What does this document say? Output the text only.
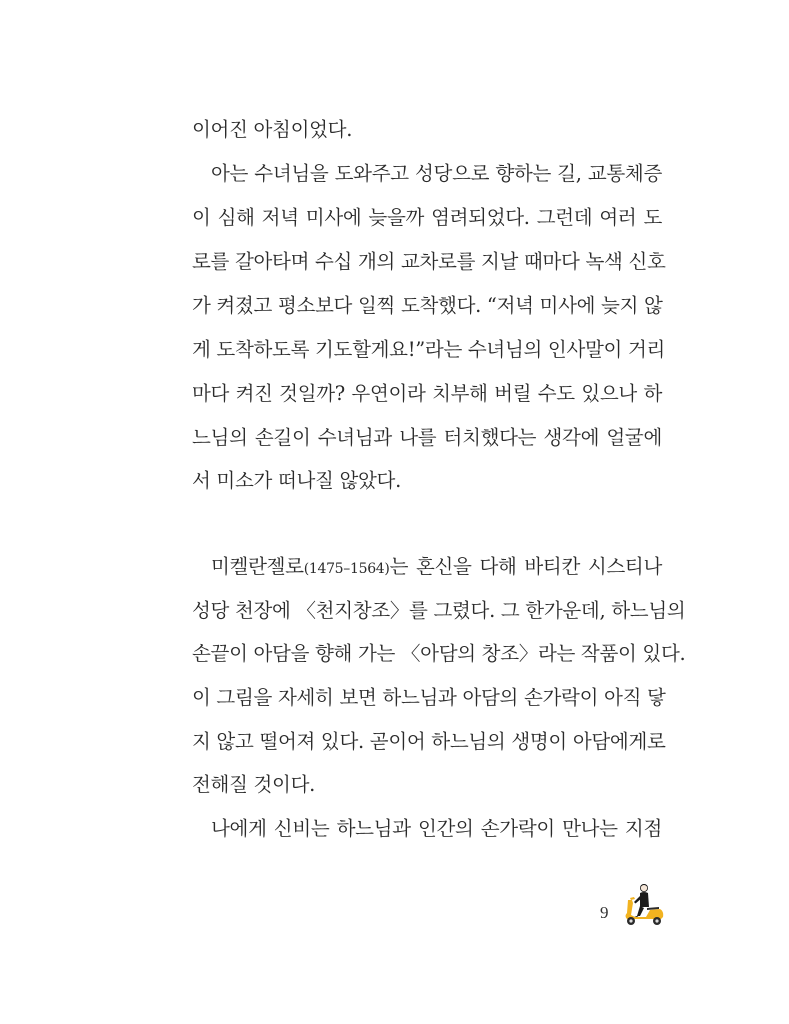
이어진 아침이었다.
아는 수녀님을 도와주고 성당으로 향하는 길, 교통체증
이 심해 저녁 미사에 늦을까 염려되었다. 그런데 여러 도
로를 갈아타며 수십 개의 교차로를 지날 때마다 녹색 신호
가 켜졌고 평소보다 일찍 도착했다. “저녁 미사에 늦지 않
게 도착하도록 기도할게요!”라는 수녀님의 인사말이 거리
마다 켜진 것일까? 우연이라 치부해 버릴 수도 있으나 하
느님의 손길이 수녀님과 나를 터치했다는 생각에 얼굴에
서 미소가 떠나질 않았다.
미켈란젤로(1475–1564)는 혼신을 다해 바티칸 시스티나
성당 천장에 〈천지창조〉를 그렸다. 그 한가운데, 하느님의
손끝이 아담을 향해 가는 〈아담의 창조〉라는 작품이 있다.
이 그림을 자세히 보면 하느님과 아담의 손가락이 아직 닿
지 않고 떨어져 있다. 곧이어 하느님의 생명이 아담에게로
전해질 것이다.
나에게 신비는 하느님과 인간의 손가락이 만나는 지점
9
